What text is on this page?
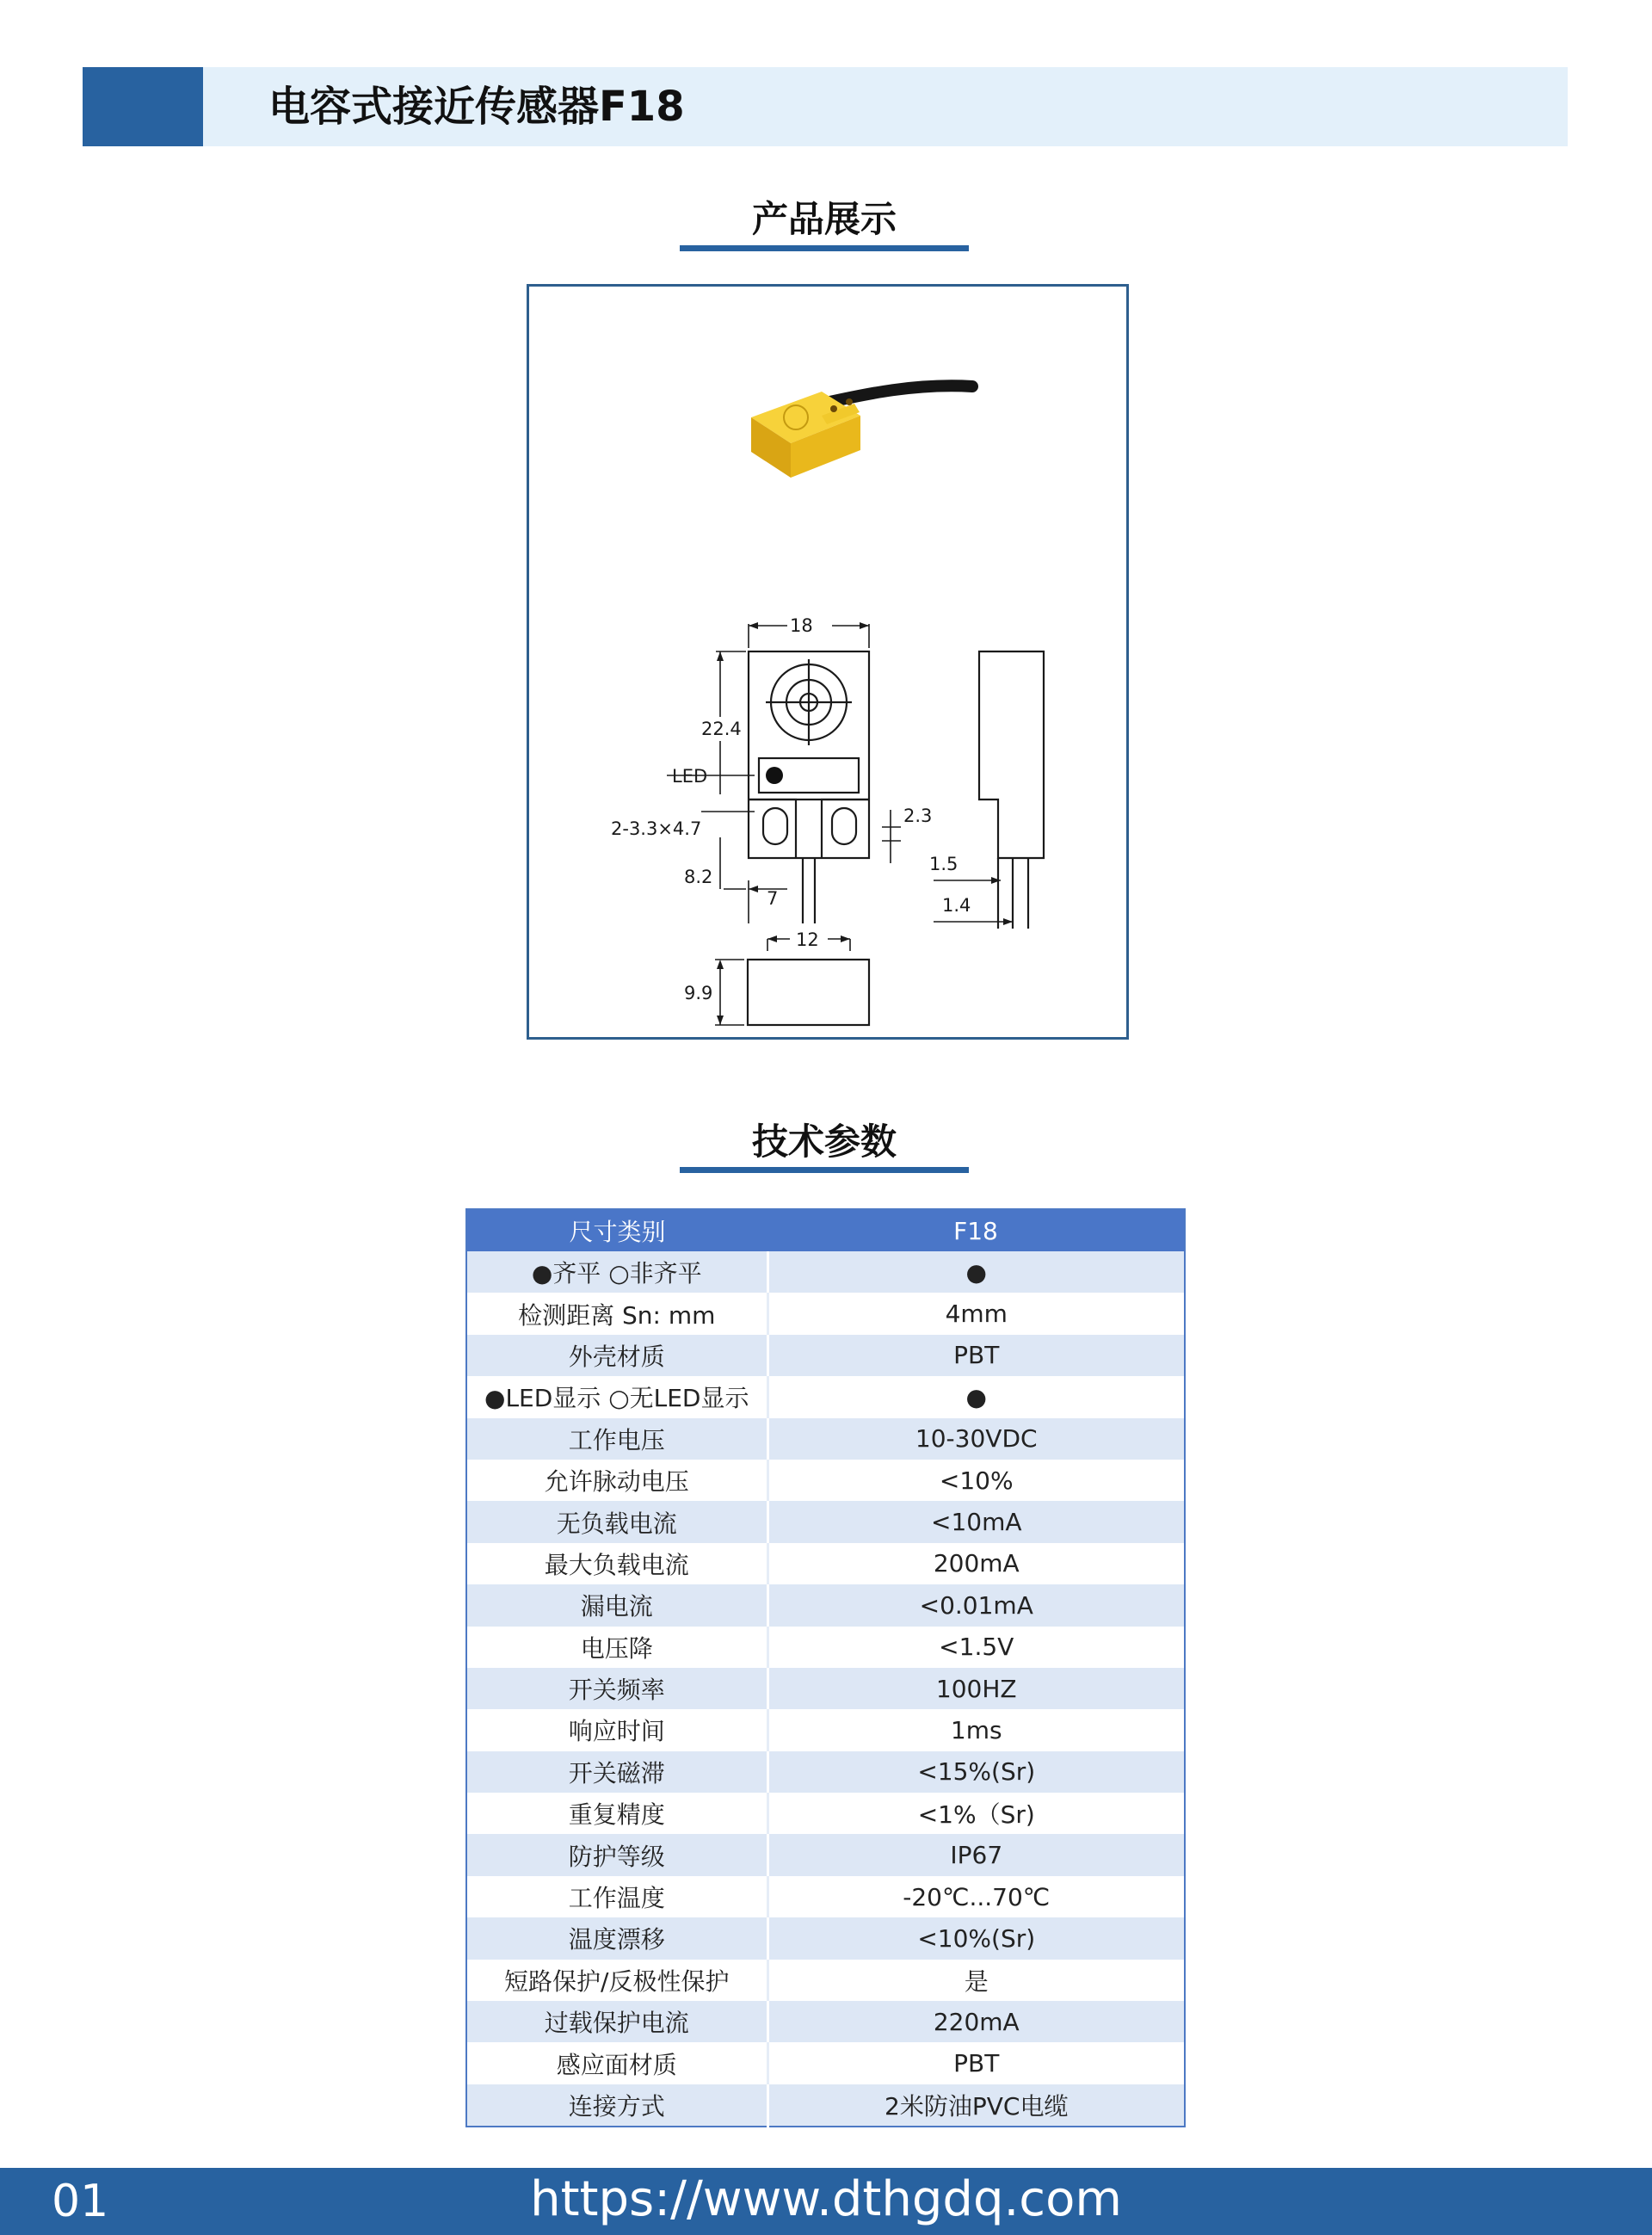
电容式接近传感器F18
产品展示
18
22.4
LED
2-3.3×4.7
2.3
8.2
7
1.5
1.4
12
9.9
技术参数
尺寸类别	F18
●齐平 ○非齐平	●
检测距离 Sn: mm	4mm
外壳材质	PBT
●LED显示 ○无LED显示	●
工作电压	10-30VDC
允许脉动电压	<10%
无负载电流	<10mA
最大负载电流	200mA
漏电流	<0.01mA
电压降	<1.5V
开关频率	100HZ
响应时间	1ms
开关磁滞	<15%(Sr)
重复精度	<1%（Sr)
防护等级	IP67
工作温度	-20℃...70℃
温度漂移	<10%(Sr)
短路保护/反极性保护	是
过载保护电流	220mA
感应面材质	PBT
连接方式	2米防油PVC电缆
01	https://www.dthgdq.com
